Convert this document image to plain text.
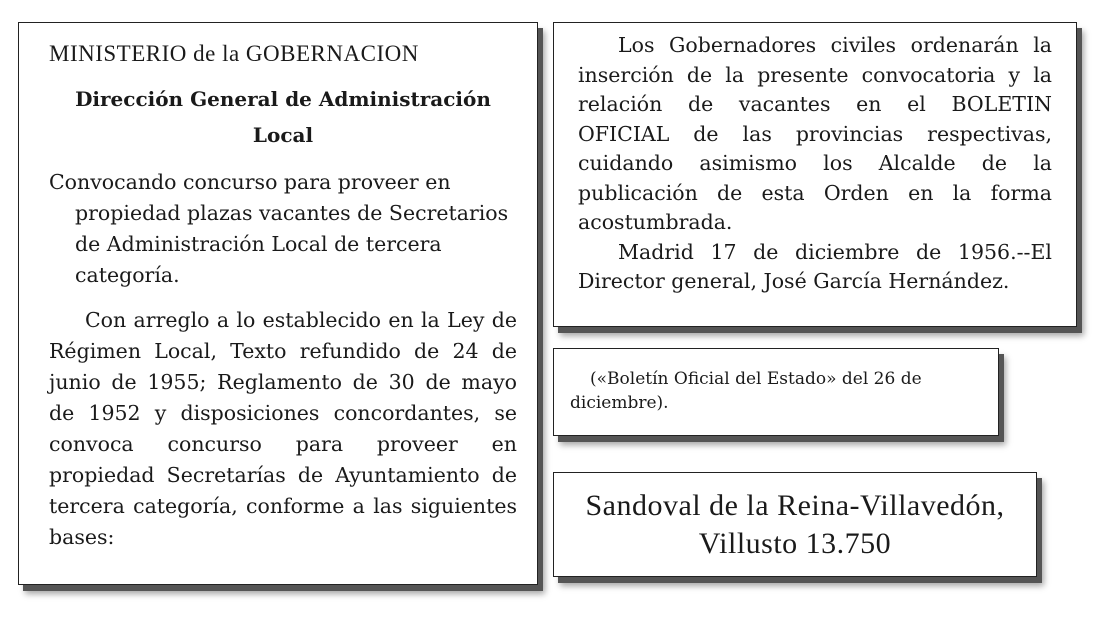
MINISTERIO de la GOBERNACION

Dirección General de Administración Local

Convocando concurso para proveer en propiedad plazas vacantes de Secretarios de Administración Local de tercera categoría.

Con arreglo a lo establecido en la Ley de Régimen Local, Texto refundido de 24 de junio de 1955; Reglamento de 30 de mayo de 1952 y disposiciones concordantes, se convoca concurso para proveer en propiedad Secretarías de Ayuntamiento de tercera categoría, conforme a las siguientes bases:

Los Gobernadores civiles ordenarán la inserción de la presente convocatoria y la relación de vacantes en el BOLETIN OFICIAL de las provincias respectivas, cuidando asimismo los Alcalde de la publicación de esta Orden en la forma acostumbrada.

Madrid 17 de diciembre de 1956.--El Director general, José García Hernández.

(«Boletín Oficial del Estado» del 26 de diciembre).

Sandoval de la Reina-Villavedón, Villusto 13.750
